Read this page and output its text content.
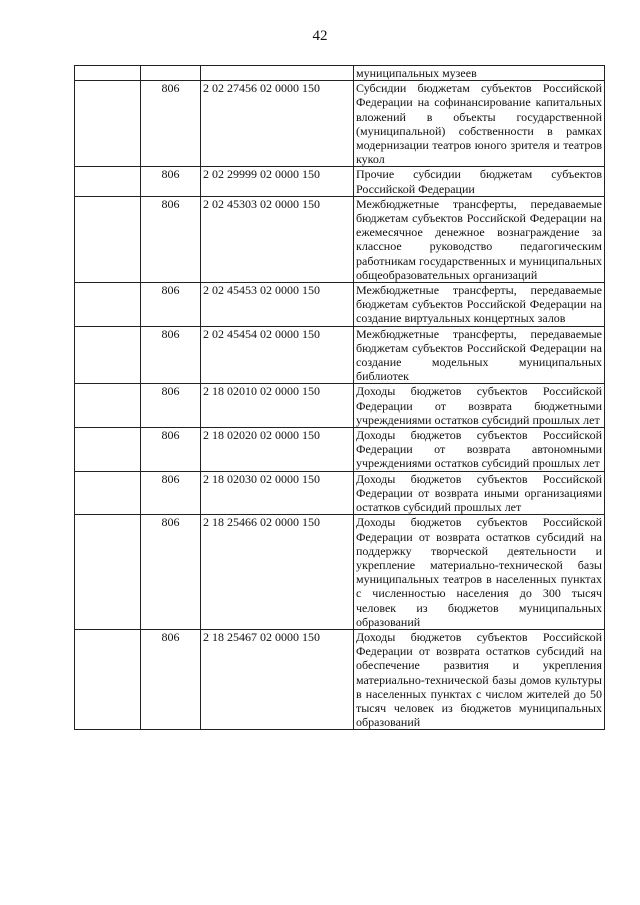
42
			муниципальных музеев
	806	2 02 27456 02 0000 150	Субсидии бюджетам субъектов Российской Федерации на софинансирование капитальных вложений в объекты государственной (муниципальной) собственности в рамках модернизации театров юного зрителя и театров кукол
	806	2 02 29999 02 0000 150	Прочие субсидии бюджетам субъектов Российской Федерации
	806	2 02 45303 02 0000 150	Межбюджетные трансферты, передаваемые бюджетам субъектов Российской Федерации на ежемесячное денежное вознаграждение за классное руководство педагогическим работникам государственных и муниципальных общеобразовательных организаций
	806	2 02 45453 02 0000 150	Межбюджетные трансферты, передаваемые бюджетам субъектов Российской Федерации на создание виртуальных концертных залов
	806	2 02 45454 02 0000 150	Межбюджетные трансферты, передаваемые бюджетам субъектов Российской Федерации на создание модельных муниципальных библиотек
	806	2 18 02010 02 0000 150	Доходы бюджетов субъектов Российской Федерации от возврата бюджетными учреждениями остатков субсидий прошлых лет
	806	2 18 02020 02 0000 150	Доходы бюджетов субъектов Российской Федерации от возврата автономными учреждениями остатков субсидий прошлых лет
	806	2 18 02030 02 0000 150	Доходы бюджетов субъектов Российской Федерации от возврата иными организациями остатков субсидий прошлых лет
	806	2 18 25466 02 0000 150	Доходы бюджетов субъектов Российской Федерации от возврата остатков субсидий на поддержку творческой деятельности и укрепление материально-технической базы муниципальных театров в населенных пунктах с численностью населения до 300 тысяч человек из бюджетов муниципальных образований
	806	2 18 25467 02 0000 150	Доходы бюджетов субъектов Российской Федерации от возврата остатков субсидий на обеспечение развития и укрепления материально-технической базы домов культуры в населенных пунктах с числом жителей до 50 тысяч человек из бюджетов муниципальных образований
